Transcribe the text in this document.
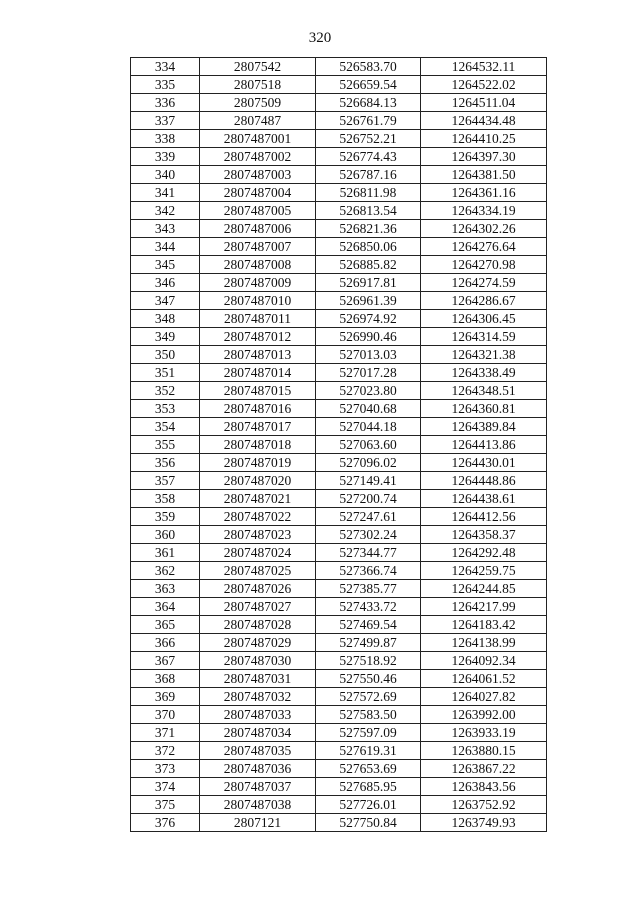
320
334	2807542	526583.70	1264532.11
335	2807518	526659.54	1264522.02
336	2807509	526684.13	1264511.04
337	2807487	526761.79	1264434.48
338	2807487001	526752.21	1264410.25
339	2807487002	526774.43	1264397.30
340	2807487003	526787.16	1264381.50
341	2807487004	526811.98	1264361.16
342	2807487005	526813.54	1264334.19
343	2807487006	526821.36	1264302.26
344	2807487007	526850.06	1264276.64
345	2807487008	526885.82	1264270.98
346	2807487009	526917.81	1264274.59
347	2807487010	526961.39	1264286.67
348	2807487011	526974.92	1264306.45
349	2807487012	526990.46	1264314.59
350	2807487013	527013.03	1264321.38
351	2807487014	527017.28	1264338.49
352	2807487015	527023.80	1264348.51
353	2807487016	527040.68	1264360.81
354	2807487017	527044.18	1264389.84
355	2807487018	527063.60	1264413.86
356	2807487019	527096.02	1264430.01
357	2807487020	527149.41	1264448.86
358	2807487021	527200.74	1264438.61
359	2807487022	527247.61	1264412.56
360	2807487023	527302.24	1264358.37
361	2807487024	527344.77	1264292.48
362	2807487025	527366.74	1264259.75
363	2807487026	527385.77	1264244.85
364	2807487027	527433.72	1264217.99
365	2807487028	527469.54	1264183.42
366	2807487029	527499.87	1264138.99
367	2807487030	527518.92	1264092.34
368	2807487031	527550.46	1264061.52
369	2807487032	527572.69	1264027.82
370	2807487033	527583.50	1263992.00
371	2807487034	527597.09	1263933.19
372	2807487035	527619.31	1263880.15
373	2807487036	527653.69	1263867.22
374	2807487037	527685.95	1263843.56
375	2807487038	527726.01	1263752.92
376	2807121	527750.84	1263749.93
